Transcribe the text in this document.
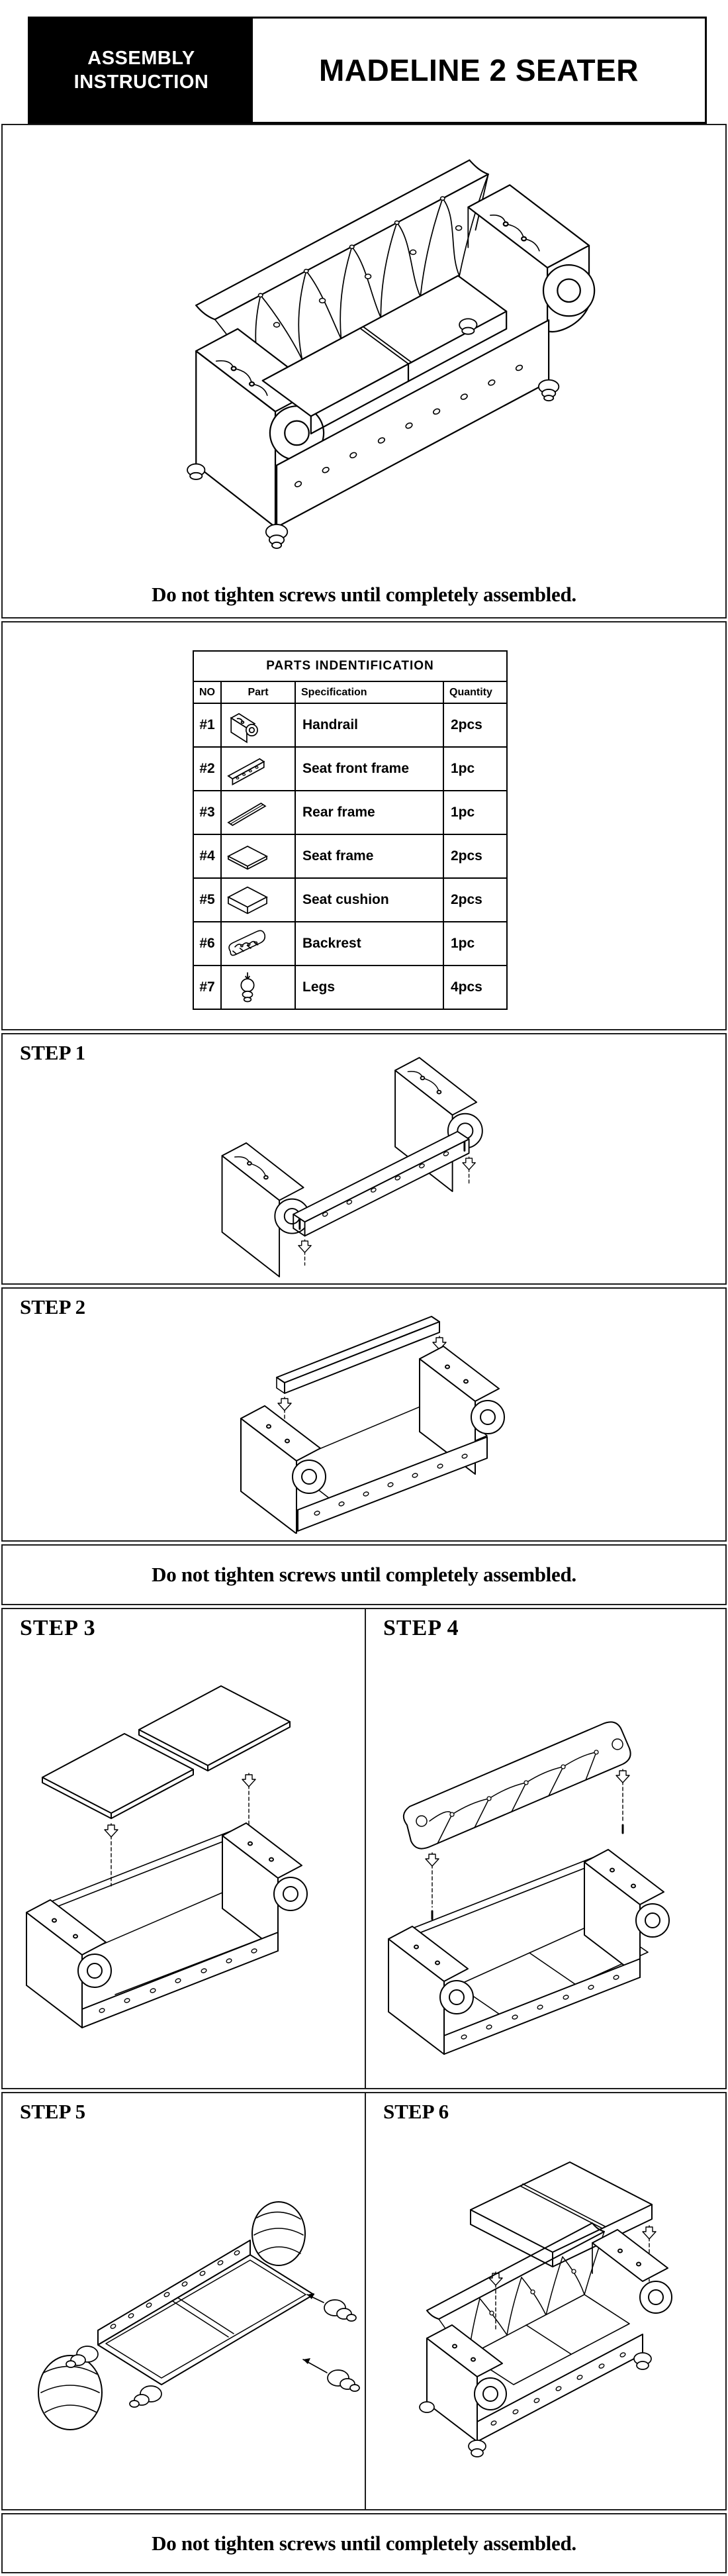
ASSEMBLY
INSTRUCTION	MADELINE 2 SEATER
Do not tighten screws until completely assembled.
PARTS INDENTIFICATION			
NO	Part	Specification	Quantity
#1		Handrail	2pcs
#2		Seat front frame	1pc
#3		Rear frame	1pc
#4		Seat frame	2pcs
#5		Seat cushion	2pcs
#6		Backrest	1pc
#7		Legs	4pcs
STEP 1
STEP 2
Do not tighten screws until completely assembled.
STEP 3	STEP 4
STEP 5	STEP 6
Do not tighten screws until completely assembled.
